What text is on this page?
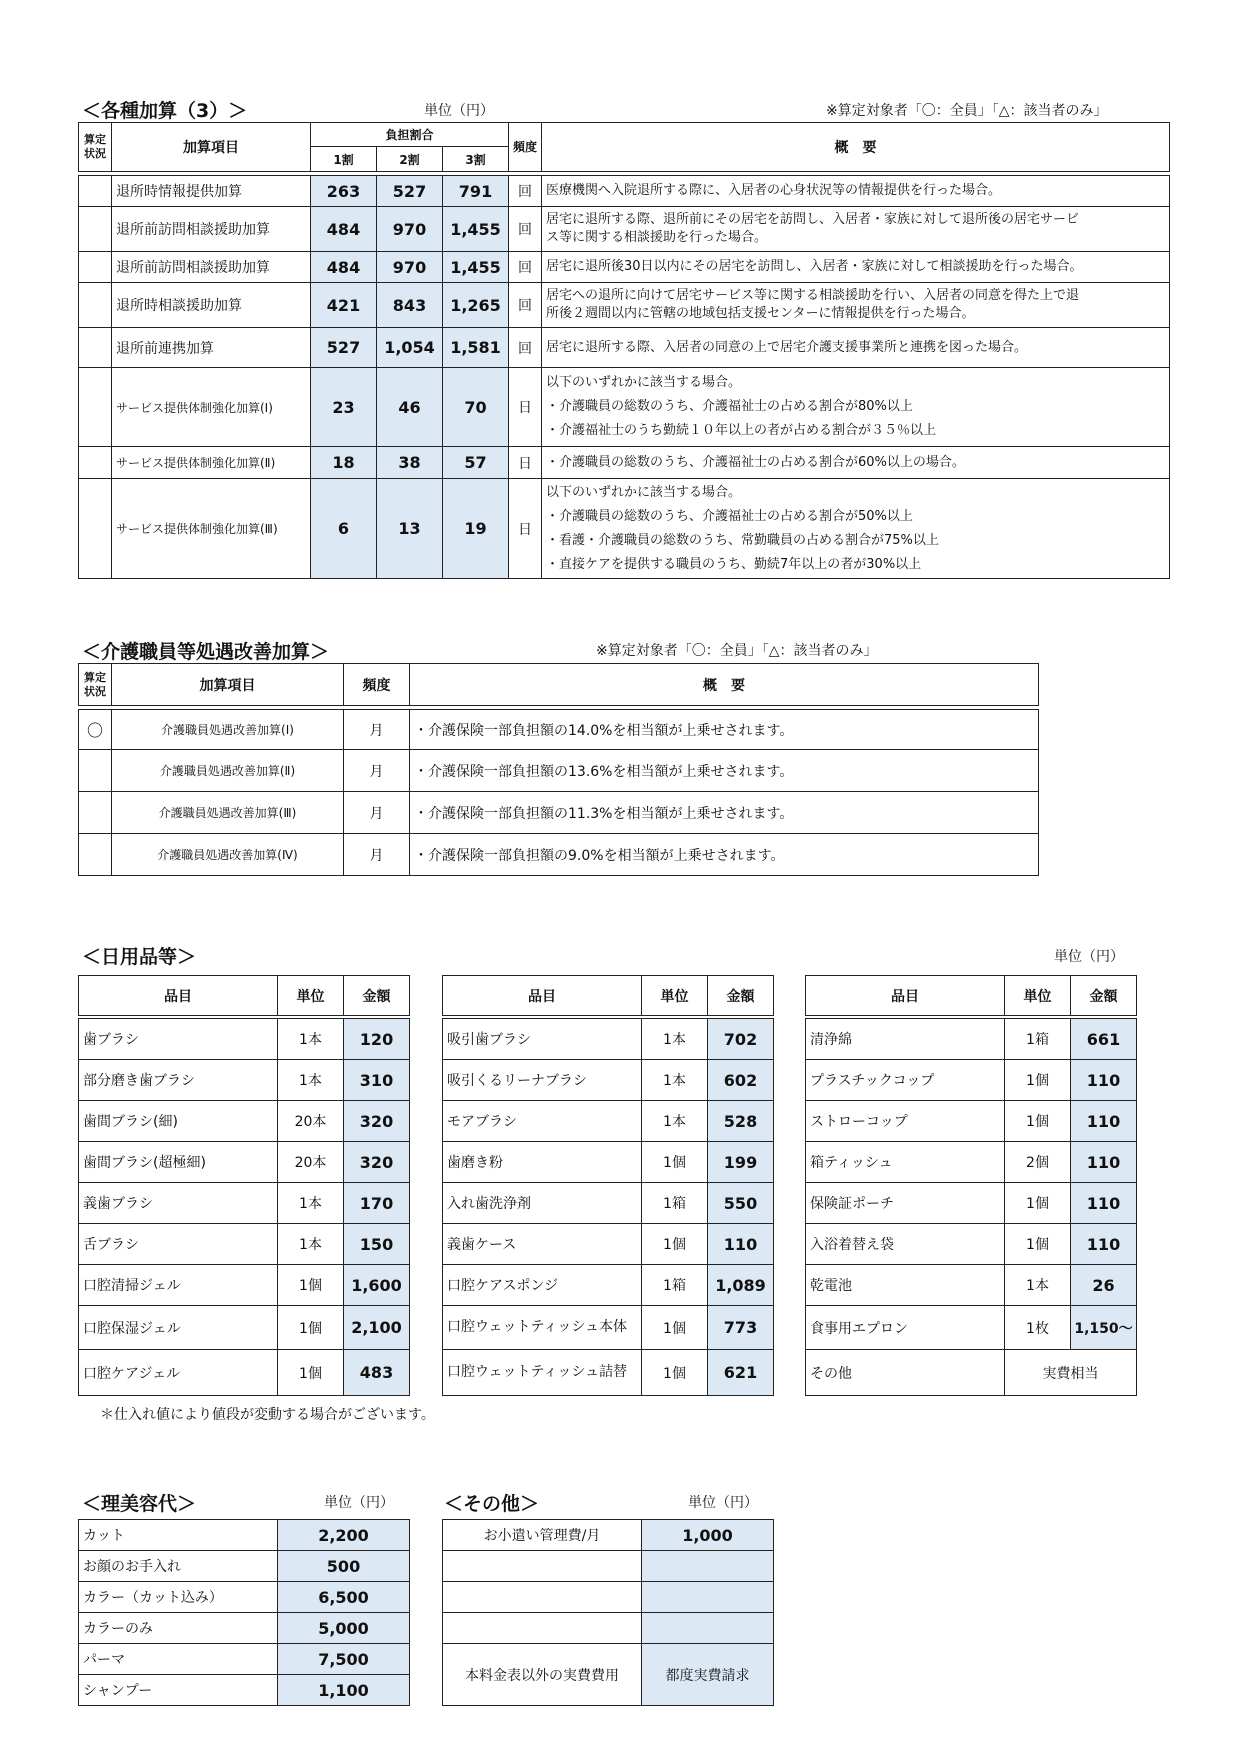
＜各種加算（3）＞	単位（円）	※算定対象者「〇：全員」「△：該当者のみ」
算定状況	加算項目	負担割合			頻度	概　要
		1割	2割	3割		

	退所時情報提供加算	263	527	791	回	医療機関へ入院退所する際に、入居者の心身状況等の情報提供を行った場合。

	退所前訪問相談援助加算	484	970	1,455	回	居宅に退所する際、退所前にその居宅を訪問し、入居者・家族に対して退所後の居宅サービ
ス等に関する相談援助を行った場合。

	退所前訪問相談援助加算	484	970	1,455	回	居宅に退所後30日以内にその居宅を訪問し、入居者・家族に対して相談援助を行った場合。

	退所時相談援助加算	421	843	1,265	回	居宅への退所に向けて居宅サービス等に関する相談援助を行い、入居者の同意を得た上で退
所後２週間以内に管轄の地域包括支援センターに情報提供を行った場合。

	退所前連携加算	527	1,054	1,581	回	居宅に退所する際、入居者の同意の上で居宅介護支援事業所と連携を図った場合。

	サービス提供体制強化加算(Ⅰ)	23	46	70	日	以下のいずれかに該当する場合。
・介護職員の総数のうち、介護福祉士の占める割合が80%以上
・介護福祉士のうち勤続１０年以上の者が占める割合が３５％以上

	サービス提供体制強化加算(Ⅱ)	18	38	57	日	・介護職員の総数のうち、介護福祉士の占める割合が60%以上の場合。

	サービス提供体制強化加算(Ⅲ)	6	13	19	日	以下のいずれかに該当する場合。
・介護職員の総数のうち、介護福祉士の占める割合が50%以上
・看護・介護職員の総数のうち、常勤職員の占める割合が75%以上
・直接ケアを提供する職員のうち、勤続7年以上の者が30%以上
＜介護職員等処遇改善加算＞	※算定対象者「〇：全員」「△：該当者のみ」
算定状況	加算項目	頻度	概　要

〇	介護職員処遇改善加算(Ⅰ)	月	・介護保険一部負担額の14.0%を相当額が上乗せされます。
	介護職員処遇改善加算(Ⅱ)	月	・介護保険一部負担額の13.6%を相当額が上乗せされます。
	介護職員処遇改善加算(Ⅲ)	月	・介護保険一部負担額の11.3%を相当額が上乗せされます。
	介護職員処遇改善加算(Ⅳ)	月	・介護保険一部負担額の9.0%を相当額が上乗せされます。
＜日用品等＞	単位（円）
品目	単位	金額

歯ブラシ	1本	120
部分磨き歯ブラシ	1本	310
歯間ブラシ(細)	20本	320
歯間ブラシ(超極細)	20本	320
義歯ブラシ	1本	170
舌ブラシ	1本	150
口腔清掃ジェル	1個	1,600
口腔保湿ジェル	1個	2,100
口腔ケアジェル	1個	483
品目	単位	金額

吸引歯ブラシ	1本	702
吸引くるリーナブラシ	1本	602
モアブラシ	1本	528
歯磨き粉	1個	199
入れ歯洗浄剤	1箱	550
義歯ケース	1個	110
口腔ケアスポンジ	1箱	1,089
口腔ウェットティッシュ本体	1個	773
口腔ウェットティッシュ詰替	1個	621
品目	単位	金額

清浄綿	1箱	661
プラスチックコップ	1個	110
ストローコップ	1個	110
箱ティッシュ	2個	110
保険証ポーチ	1個	110
入浴着替え袋	1個	110
乾電池	1本	26
食事用エプロン	1枚	1,150～
その他	実費相当	
＊仕入れ値により値段が変動する場合がございます。
＜理美容代＞	単位（円）
カット	2,200
お顔のお手入れ	500
カラー（カット込み）	6,500
カラーのみ	5,000
パーマ	7,500
シャンプー	1,100
＜その他＞	単位（円）
お小遣い管理費/月	1,000

本料金表以外の実費費用	都度実費請求
